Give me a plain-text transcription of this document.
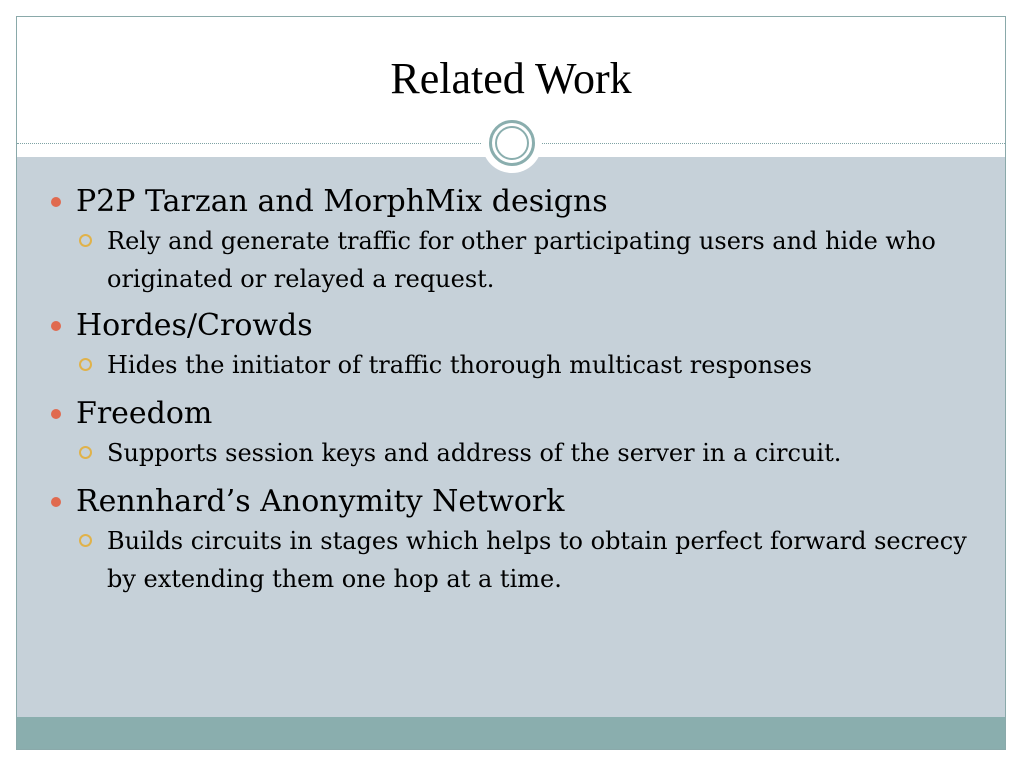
Related Work
P2P Tarzan and MorphMix designs
Rely and generate traffic for other participating users and hide who originated or relayed a request.
Hordes/Crowds
Hides the initiator of traffic thorough multicast responses
Freedom
Supports session keys and address of the server in a circuit.
Rennhard’s Anonymity Network
Builds circuits in stages which helps to obtain perfect forward secrecy by extending them one hop at a time.
